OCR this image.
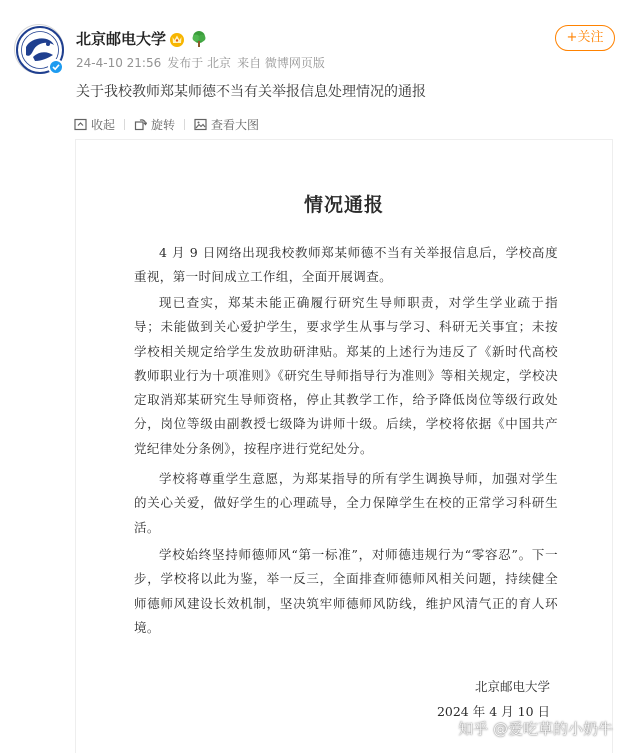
北京邮电大学
24-4-10 21:56 发布于 北京 来自 微博网页版
+关注
关于我校教师郑某师德不当有关举报信息处理情况的通报
收起	旋转	查看大图
情况通报
4 月 9 日网络出现我校教师郑某师德不当有关举报信息后，学校高度重视，第一时间成立工作组，全面开展调查。
现已查实，郑某未能正确履行研究生导师职责，对学生学业疏于指导；未能做到关心爱护学生，要求学生从事与学习、科研无关事宜；未按学校相关规定给学生发放助研津贴。郑某的上述行为违反了《新时代高校教师职业行为十项准则》《研究生导师指导行为准则》等相关规定，学校决定取消郑某研究生导师资格，停止其教学工作，给予降低岗位等级行政处分，岗位等级由副教授七级降为讲师十级。后续，学校将依据《中国共产党纪律处分条例》，按程序进行党纪处分。
学校将尊重学生意愿，为郑某指导的所有学生调换导师，加强对学生的关心关爱，做好学生的心理疏导，全力保障学生在校的正常学习科研生活。
学校始终坚持师德师风“第一标准”，对师德违规行为“零容忍”。下一步，学校将以此为鉴，举一反三，全面排查师德师风相关问题，持续健全师德师风建设长效机制，坚决筑牢师德师风防线，维护风清气正的育人环境。
北京邮电大学
2024 年 4 月 10 日
知乎 @爱吃草的小奶牛
